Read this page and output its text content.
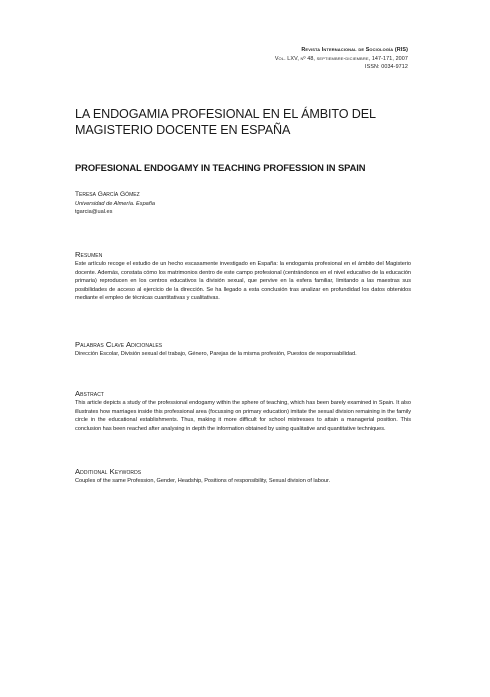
Revista Internacional de Sociología (RIS)
Vol. LXV, nº 48, septiembre-diciembre, 147-171, 2007
ISSN: 0034-9712
LA ENDOGAMIA PROFESIONAL EN EL ÁMBITO DEL MAGISTERIO DOCENTE EN ESPAÑA
PROFESIONAL ENDOGAMY IN TEACHING PROFESSION IN SPAIN
Teresa García Gómez
Universidad de Almería. España
tgarcia@ual.es
Resumen

Este artículo recoge el estudio de un hecho escasamente investigado en España: la endogamia profesional en el ámbito del Magisterio docente. Además, constata cómo los matrimonios dentro de este campo profesional (centrándonos en el nivel educativo de la educación primaria) reproducen en los centros educativos la división sexual, que pervive en la esfera familiar, limitando a las maestras sus posibilidades de acceso al ejercicio de la dirección. Se ha llegado a esta conclusión tras analizar en profundidad los datos obtenidos mediante el empleo de técnicas cuantitativas y cualitativas.

Palabras Clave Adicionales

Dirección Escolar, División sexual del trabajo, Género, Parejas de la misma profesión, Puestos de responsabilidad.

Abstract

This article depicts a study of the professional endogamy within the sphere of teaching, which has been barely examined in Spain. It also illustrates how marriages inside this professional area (focussing on primary education) imitate the sexual division remaining in the family circle in the educational establishments. Thus, making it more difficult for school mistresses to attain a managerial position. This conclusion has been reached after analysing in depth the information obtained by using qualitative and quantitative techniques.

Additional Keywords

Couples of the same Profession, Gender, Headship, Positions of responsibility, Sexual division of labour.
